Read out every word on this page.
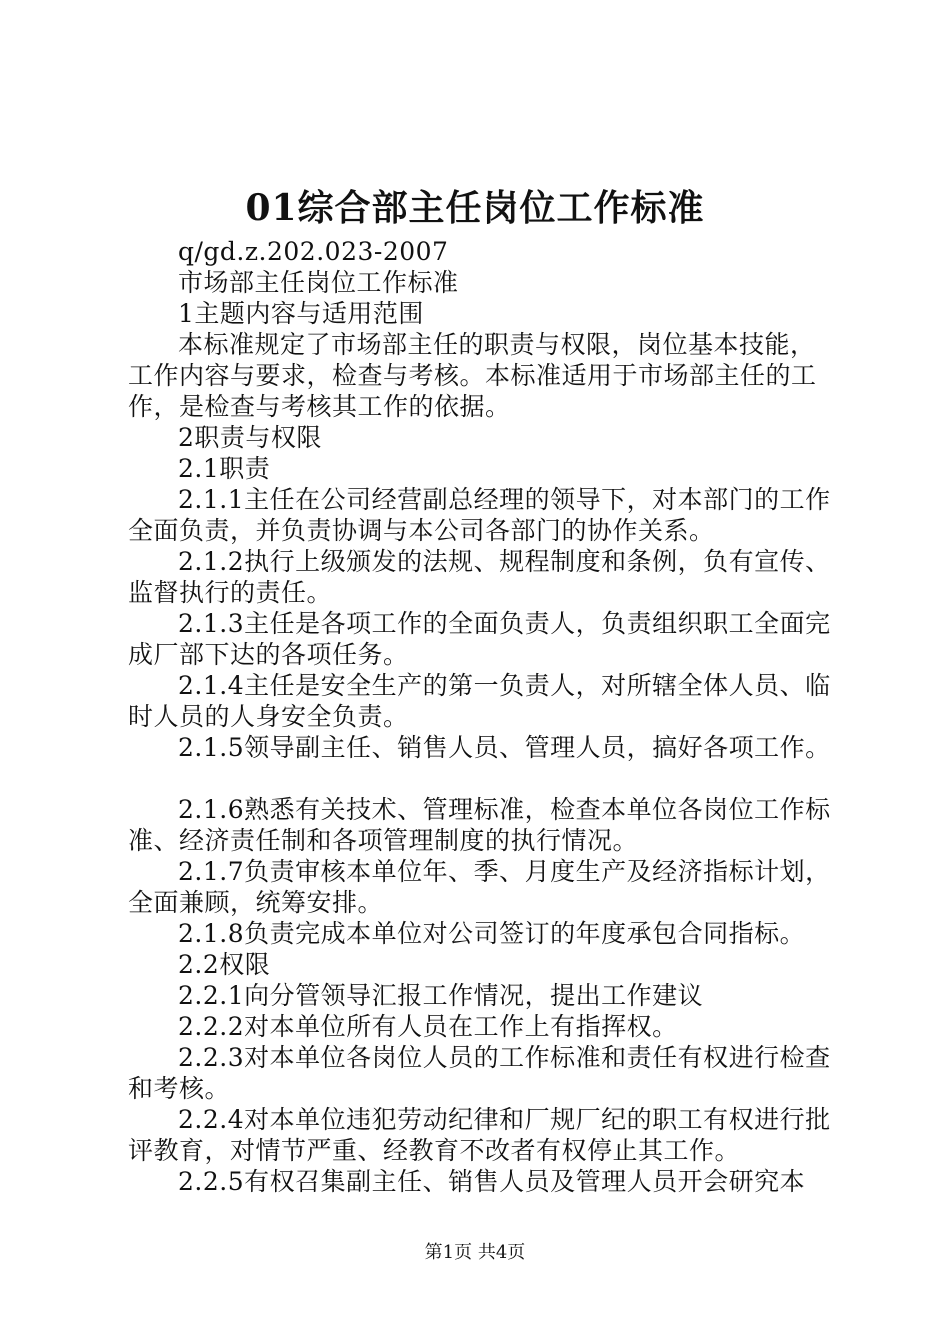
01综合部主任岗位工作标准

q/gd.z.202.023-2007

市场部主任岗位工作标准

1主题内容与适用范围

本标准规定了市场部主任的职责与权限，岗位基本技能，工作内容与要求，检查与考核。本标准适用于市场部主任的工作，是检查与考核其工作的依据。

2职责与权限

2.1职责

2.1.1主任在公司经营副总经理的领导下，对本部门的工作全面负责，并负责协调与本公司各部门的协作关系。

2.1.2执行上级颁发的法规、规程制度和条例，负有宣传、监督执行的责任。

2.1.3主任是各项工作的全面负责人，负责组织职工全面完成厂部下达的各项任务。

2.1.4主任是安全生产的第一负责人，对所辖全体人员、临时人员的人身安全负责。

2.1.5领导副主任、销售人员、管理人员，搞好各项工作。

2.1.6熟悉有关技术、管理标准，检查本单位各岗位工作标准、经济责任制和各项管理制度的执行情况。

2.1.7负责审核本单位年、季、月度生产及经济指标计划，全面兼顾，统筹安排。

2.1.8负责完成本单位对公司签订的年度承包合同指标。

2.2权限

2.2.1向分管领导汇报工作情况，提出工作建议

2.2.2对本单位所有人员在工作上有指挥权。

2.2.3对本单位各岗位人员的工作标准和责任有权进行检查和考核。

2.2.4对本单位违犯劳动纪律和厂规厂纪的职工有权进行批评教育，对情节严重、经教育不改者有权停止其工作。

2.2.5有权召集副主任、销售人员及管理人员开会研究本

第1页 共4页
